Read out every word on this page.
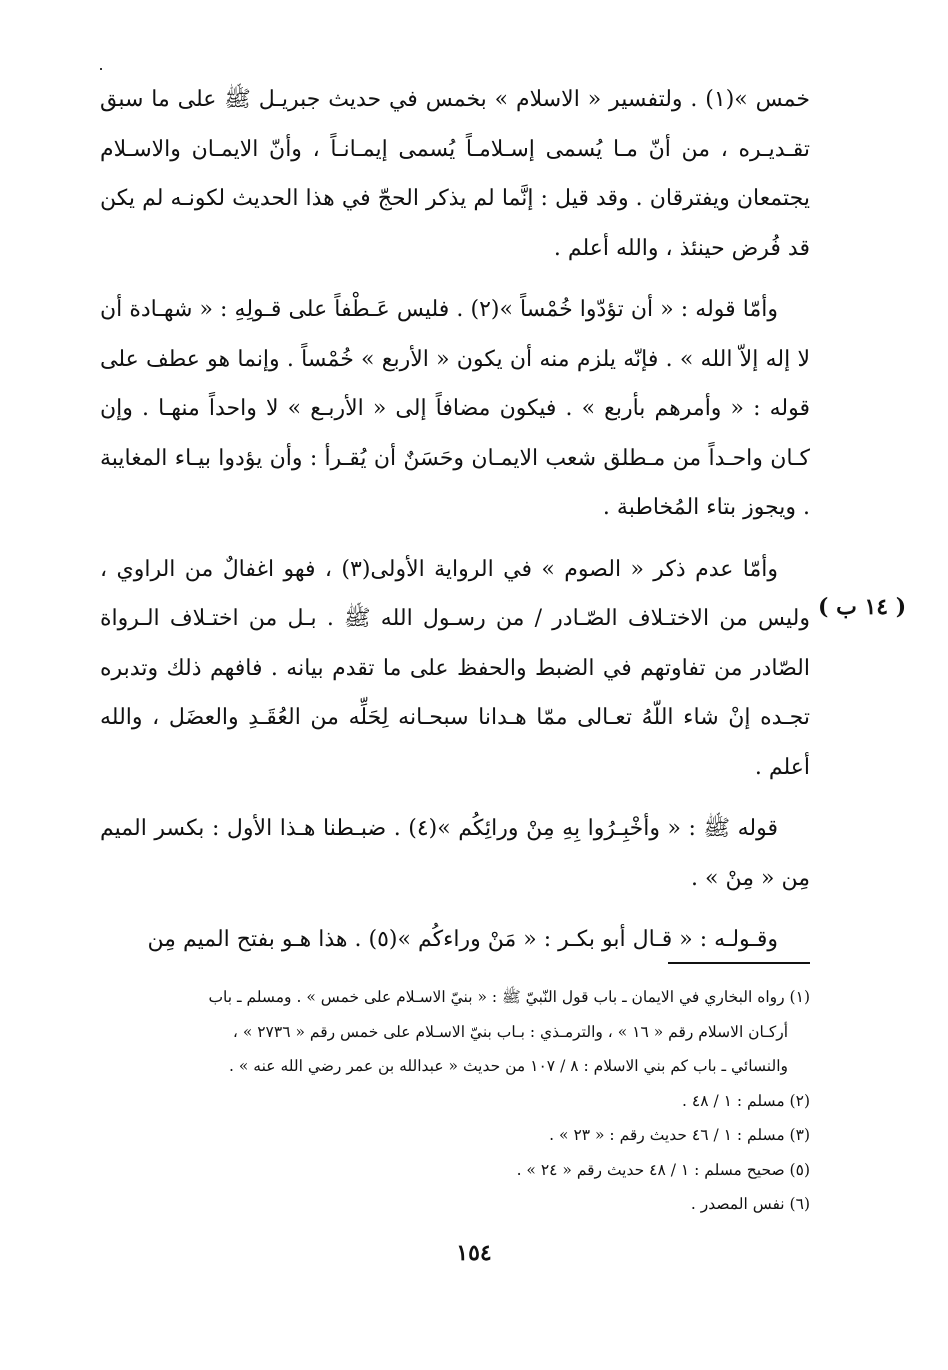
خمس »(١) . ولتفسير « الاسلام » بخمس في حديث جبريـل ﷺ على ما سبق تقـديـره ، من أنّ مـا يُسمى إسـلامـاً يُسمى إيمـانـاً ، وأنّ الايمـان والاسـلام يجتمعان ويفترقان . وقد قيل : إنَّما لم يذكر الحجّ في هذا الحديث لكونـه لم يكن قد فُرض حينئذ ، والله أعلم .

وأمّا قوله : « أن تؤدّوا خُمْساً »(٢) . فليس عَـطْفاً على قـولِهِ : « شهـادة أن لا إله إلاّ الله » . فإنّه يلزم منه أن يكون « الأربع » خُمْساً . وإنما هو عطف على قوله : « وأمرهم بأربع » . فيكون مضافاً إلى « الأربـع » لا واحداً منهـا . وإن كـان واحـداً من مـطلق شعب الايمـان وحَسَنٌ أن يُقـرأ : وأن يؤدوا بيـاء المغايبة . ويجوز بتاء المُخاطبة .

وأمّا عدم ذكر « الصوم » في الرواية الأولى(٣) ، فهو اغفالٌ من الراوي ، وليس من الاختـلاف الصّـادر / من رسـول الله ﷺ . بـل من اختـلاف الـرواة الصّادر من تفاوتهم في الضبط والحفظ على ما تقدم بيانه . فافهم ذلك وتدبره تجـده إنْ شاء اللّهُ تعـالى ممّا هـدانا سبحـانه لِحَلِّه من العُقَـدِ والعضَل ، والله أعلم .

قوله ﷺ : « وأخْبِـرُوا بِهِ مِنْ ورائِكُم »(٤) . ضبـطنا هـذا الأول : بكسر الميم مِن « مِنْ » .

وقـولـه : « قـال أبو بكـر : « مَنْ وراءكُم »(٥) . هذا هـو بفتح الميم مِن

( ١٤ ب )

(١) رواه البخاري في الايمان ـ باب قول النّبيّ ﷺ : « بنيّ الاسـلام على خمس » . ومسلم ـ باب

أركـان الاسلام رقم « ١٦ » ، والترمـذي : بـاب بنيّ الاسـلام على خمس رقم « ٢٧٣٦ » ،

والنسائي ـ باب كم بني الاسلام : ٨ / ١٠٧ من حديث « عبدالله بن عمر رضي الله عنه » .

(٢) مسلم : ١ / ٤٨ .

(٣) مسلم : ١ / ٤٦ حديث رقم : « ٢٣ » .

(٥) صحيح مسلم : ١ / ٤٨ حديث رقم « ٢٤ » .

(٦) نفس المصدر .

١٥٤
